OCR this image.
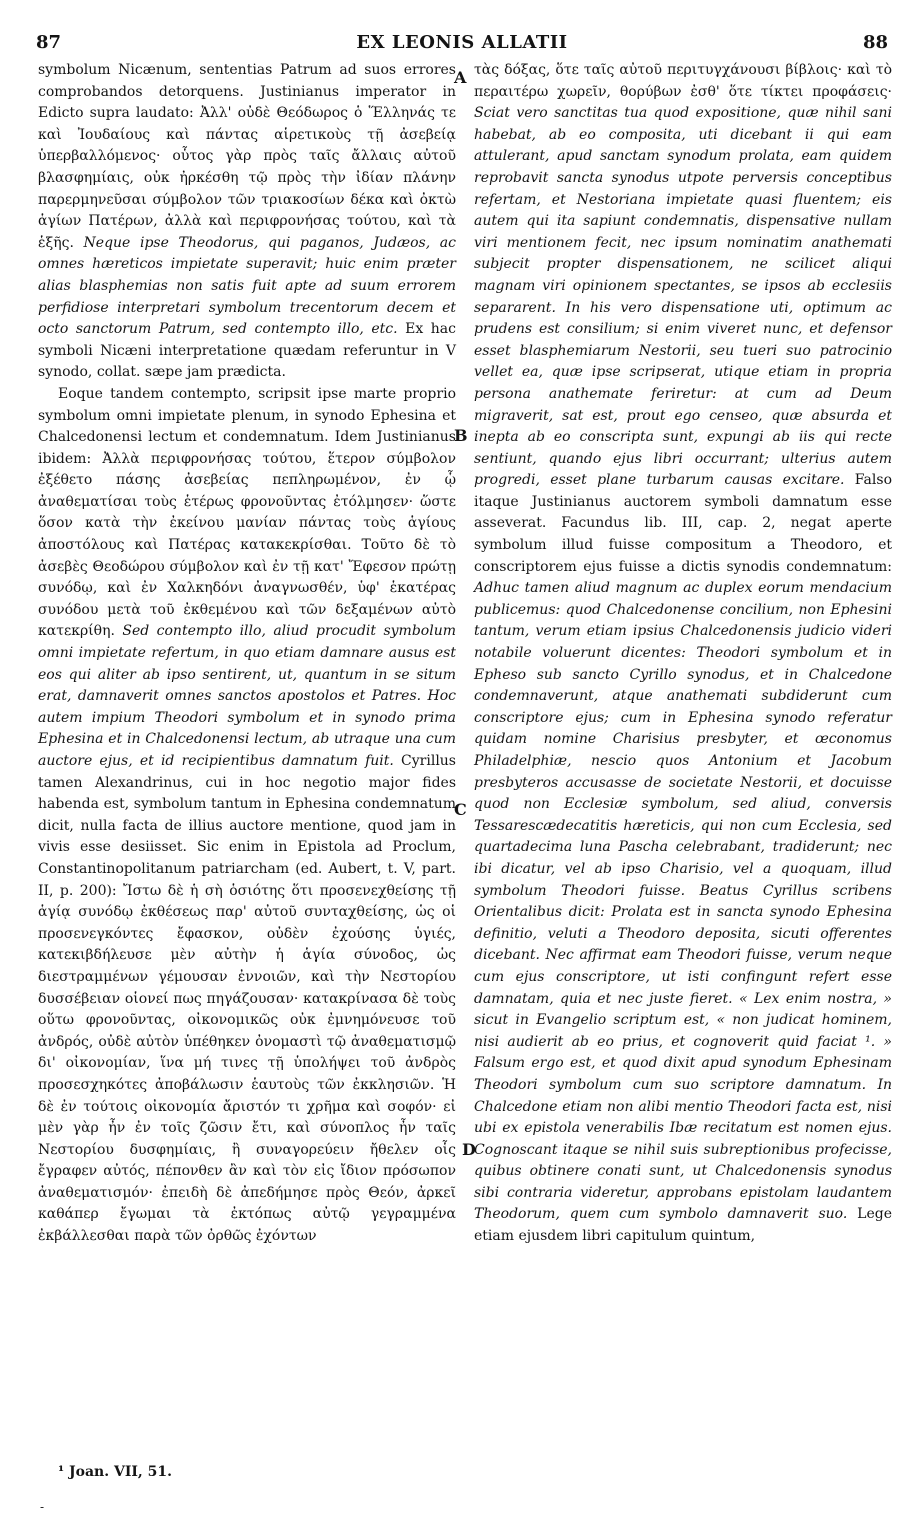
87	EX LEONIS ALLATII	88

symbolum Nicænum, sententias Patrum ad suos errores comprobandos detorquens. Justinianus imperator in Edicto supra laudato: Ἀλλ' οὐδὲ Θεόδωρος ὁ Ἕλληνάς τε καὶ Ἰουδαίους καὶ πάντας αἱρετικοὺς τῇ ἀσεβείᾳ ὑπερβαλλόμενος· οὗτος γὰρ πρὸς ταῖς ἄλλαις αὐτοῦ βλασφημίαις, οὐκ ἠρκέσθη τῷ πρὸς τὴν ἰδίαν πλάνην παρερμηνεῦσαι σύμβολον τῶν τριακοσίων δέκα καὶ ὀκτὼ ἁγίων Πατέρων, ἀλλὰ καὶ περιφρονήσας τούτου, καὶ τὰ ἑξῆς. Neque ipse Theodorus, qui paganos, Judæos, ac omnes hæreticos impietate superavit; huic enim præter alias blasphemias non satis fuit apte ad suum errorem perfidiose interpretari symbolum trecentorum decem et octo sanctorum Patrum, sed contempto illo, etc. Ex hac symboli Nicæni interpretatione quædam referuntur in V synodo, collat. sæpe jam prædicta.

Eoque tandem contempto, scripsit ipse marte proprio symbolum omni impietate plenum, in synodo Ephesina et Chalcedonensi lectum et condemnatum. Idem Justinianus ibidem: Ἀλλὰ περιφρονήσας τούτου, ἕτερον σύμβολον ἐξέθετο πάσης ἀσεβείας πεπληρωμένον, ἐν ᾧ ἀναθεματίσαι τοὺς ἑτέρως φρονοῦντας ἐτόλμησεν· ὥστε ὅσον κατὰ τὴν ἐκείνου μανίαν πάντας τοὺς ἁγίους ἀποστόλους καὶ Πατέρας κατακεκρίσθαι. Τοῦτο δὲ τὸ ἀσεβὲς Θεοδώρου σύμβολον καὶ ἐν τῇ κατ' Ἔφεσον πρώτῃ συνόδῳ, καὶ ἐν Χαλκηδόνι ἀναγνωσθέν, ὑφ' ἑκατέρας συνόδου μετὰ τοῦ ἐκθεμένου καὶ τῶν δεξαμένων αὐτὸ κατεκρίθη. Sed contempto illo, aliud procudit symbolum omni impietate refertum, in quo etiam damnare ausus est eos qui aliter ab ipso sentirent, ut, quantum in se situm erat, damnaverit omnes sanctos apostolos et Patres. Hoc autem impium Theodori symbolum et in synodo prima Ephesina et in Chalcedonensi lectum, ab utraque una cum auctore ejus, et id recipientibus damnatum fuit. Cyrillus tamen Alexandrinus, cui in hoc negotio major fides habenda est, symbolum tantum in Ephesina condemnatum dicit, nulla facta de illius auctore mentione, quod jam in vivis esse desiisset. Sic enim in Epistola ad Proclum, Constantinopolitanum patriarcham (ed. Aubert, t. V, part. II, p. 200): Ἴστω δὲ ἡ σὴ ὁσιότης ὅτι προσενεχθείσης τῇ ἁγίᾳ συνόδῳ ἐκθέσεως παρ' αὐτοῦ συνταχθείσης, ὡς οἱ προσενεγκόντες ἔφασκον, οὐδὲν ἐχούσης ὑγιές, κατεκιβδήλευσε μὲν αὐτὴν ἡ ἁγία σύνοδος, ὡς διεστραμμένων γέμουσαν ἐννοιῶν, καὶ τὴν Νεστορίου δυσσέβειαν οἱονεί πως πηγάζουσαν· κατακρίνασα δὲ τοὺς οὕτω φρονοῦντας, οἰκονομικῶς οὐκ ἐμνημόνευσε τοῦ ἀνδρός, οὐδὲ αὐτὸν ὑπέθηκεν ὀνομαστὶ τῷ ἀναθεματισμῷ δι' οἰκονομίαν, ἵνα μή τινες τῇ ὑπολήψει τοῦ ἀνδρὸς προσεσχηκότες ἀποβάλωσιν ἑαυτοὺς τῶν ἐκκλησιῶν. Ἡ δὲ ἐν τούτοις οἰκονομία ἄριστόν τι χρῆμα καὶ σοφόν· εἰ μὲν γὰρ ἦν ἐν τοῖς ζῶσιν ἔτι, καὶ σύνοπλος ἦν ταῖς Νεστορίου δυσφημίαις, ἢ συναγορεύειν ἤθελεν οἷς ἔγραφεν αὐτός, πέπονθεν ἂν καὶ τὸν εἰς ἴδιον πρόσωπον ἀναθεματισμόν· ἐπειδὴ δὲ ἀπεδήμησε πρὸς Θεόν, ἀρκεῖ καθάπερ ἔγωμαι τὰ ἐκτόπως αὐτῷ γεγραμμένα ἐκβάλλεσθαι παρὰ τῶν ὀρθῶς ἐχόντων

A
B
C
D

τὰς δόξας, ὅτε ταῖς αὐτοῦ περιτυγχάνουσι βίβλοις· καὶ τὸ περαιτέρω χωρεῖν, θορύβων ἐσθ' ὅτε τίκτει προφάσεις· Sciat vero sanctitas tua quod expositione, quæ nihil sani habebat, ab eo composita, uti dicebant ii qui eam attulerant, apud sanctam synodum prolata, eam quidem reprobavit sancta synodus utpote perversis conceptibus refertam, et Nestoriana impietate quasi fluentem; eis autem qui ita sapiunt condemnatis, dispensative nullam viri mentionem fecit, nec ipsum nominatim anathemati subjecit propter dispensationem, ne scilicet aliqui magnam viri opinionem spectantes, se ipsos ab ecclesiis separarent. In his vero dispensatione uti, optimum ac prudens est consilium; si enim viveret nunc, et defensor esset blasphemiarum Nestorii, seu tueri suo patrocinio vellet ea, quæ ipse scripserat, utique etiam in propria persona anathemate feriretur: at cum ad Deum migraverit, sat est, prout ego censeo, quæ absurda et inepta ab eo conscripta sunt, expungi ab iis qui recte sentiunt, quando ejus libri occurrant; ulterius autem progredi, esset plane turbarum causas excitare. Falso itaque Justinianus auctorem symboli damnatum esse asseverat. Facundus lib. III, cap. 2, negat aperte symbolum illud fuisse compositum a Theodoro, et conscriptorem ejus fuisse a dictis synodis condemnatum: Adhuc tamen aliud magnum ac duplex eorum mendacium publicemus: quod Chalcedonense concilium, non Ephesini tantum, verum etiam ipsius Chalcedonensis judicio videri notabile voluerunt dicentes: Theodori symbolum et in Epheso sub sancto Cyrillo synodus, et in Chalcedone condemnaverunt, atque anathemati subdiderunt cum conscriptore ejus; cum in Ephesina synodo referatur quidam nomine Charisius presbyter, et œconomus Philadelphiæ, nescio quos Antonium et Jacobum presbyteros accusasse de societate Nestorii, et docuisse quod non Ecclesiæ symbolum, sed aliud, conversis Tessarescædecatitis hæreticis, qui non cum Ecclesia, sed quartadecima luna Pascha celebrabant, tradiderunt; nec ibi dicatur, vel ab ipso Charisio, vel a quoquam, illud symbolum Theodori fuisse. Beatus Cyrillus scribens Orientalibus dicit: Prolata est in sancta synodo Ephesina definitio, veluti a Theodoro deposita, sicuti offerentes dicebant. Nec affirmat eam Theodori fuisse, verum neque cum ejus conscriptore, ut isti confingunt refert esse damnatam, quia et nec juste fieret. « Lex enim nostra, » sicut in Evangelio scriptum est, « non judicat hominem, nisi audierit ab eo prius, et cognoverit quid faciat ¹. » Falsum ergo est, et quod dixit apud synodum Ephesinam Theodori symbolum cum suo scriptore damnatum. In Chalcedone etiam non alibi mentio Theodori facta est, nisi ubi ex epistola venerabilis Ibæ recitatum est nomen ejus. Cognoscant itaque se nihil suis subreptionibus profecisse, quibus obtinere conati sunt, ut Chalcedonensis synodus sibi contraria videretur, approbans epistolam laudantem Theodorum, quem cum symbolo damnaverit suo. Lege etiam ejusdem libri capitulum quintum,

¹ Joan. VII, 51.
-
